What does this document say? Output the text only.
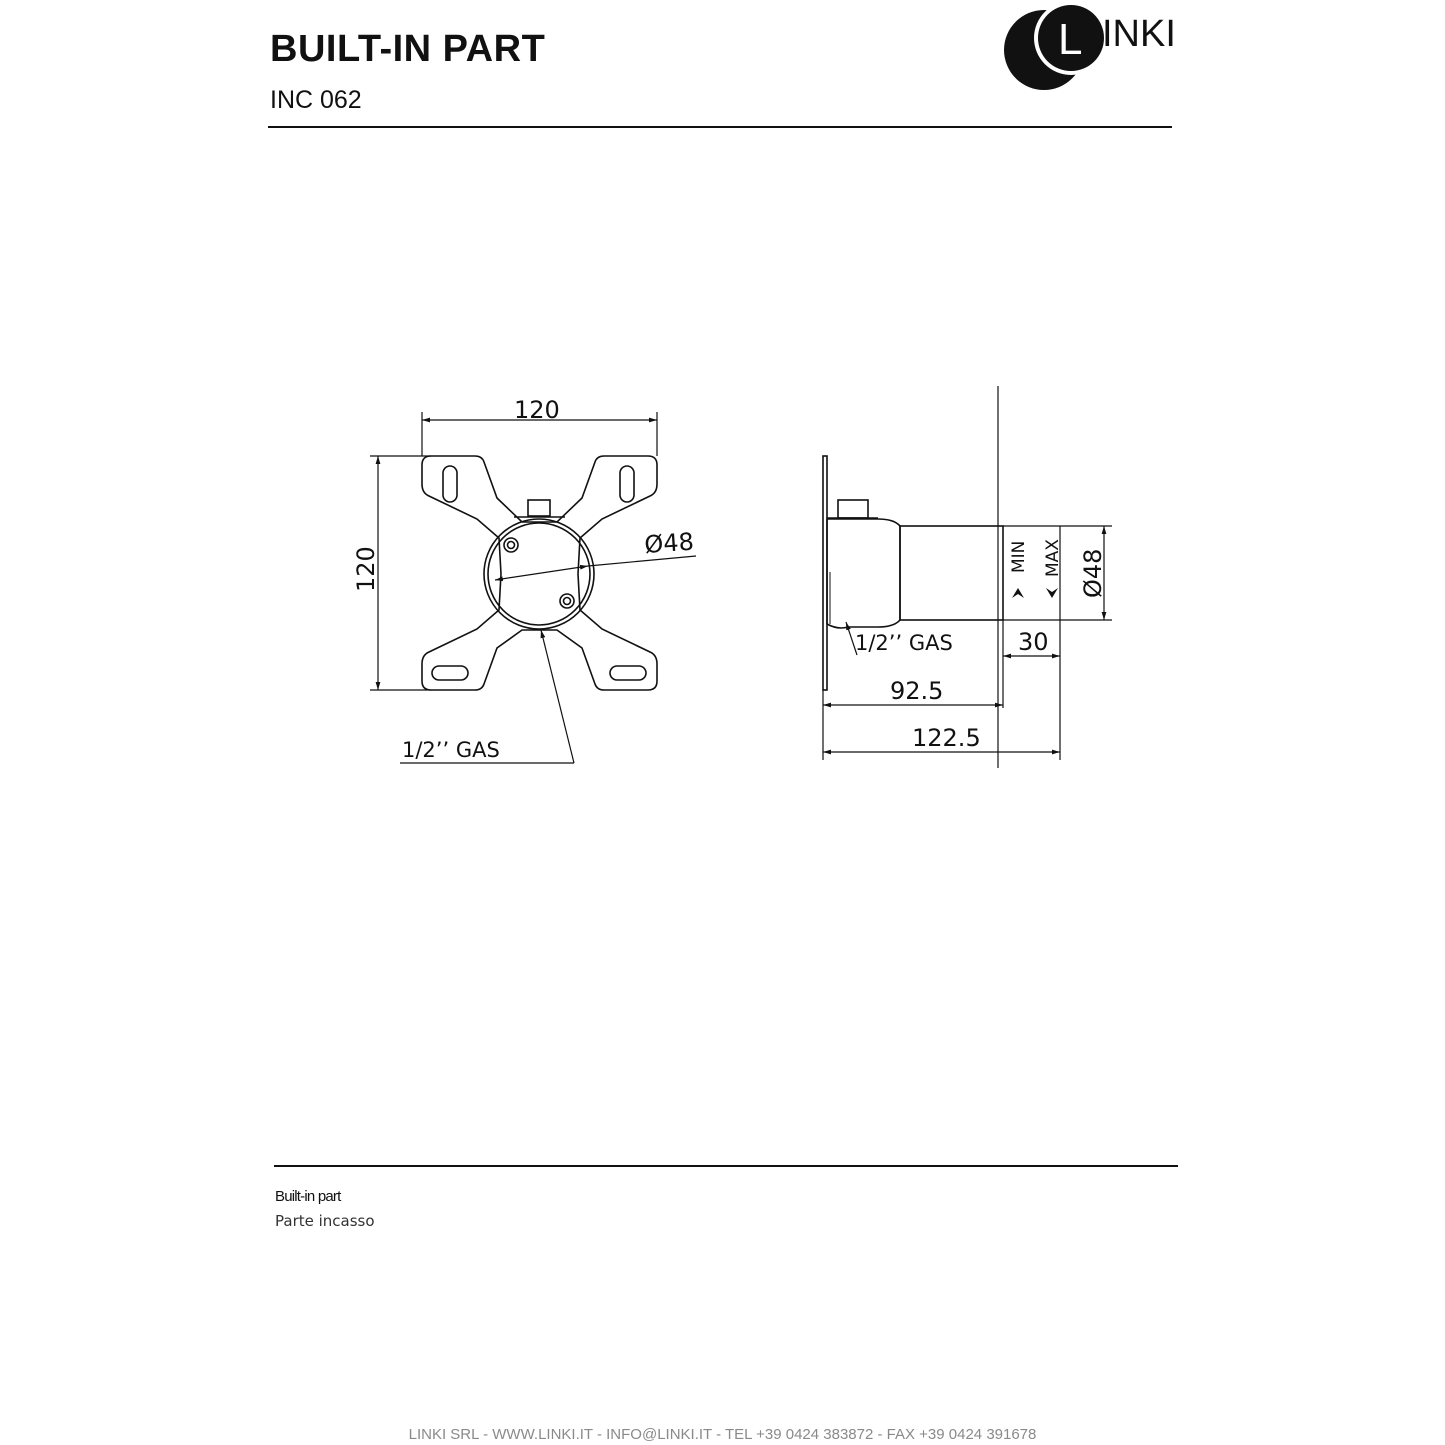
BUILT-IN PART
INC 062
L INKI
120
120
Ø48
1/2’’ GAS
MIN MAX Ø48
1/2’’ GAS	30
92.5
122.5
Built-in part
Parte incasso
LINKI SRL - WWW.LINKI.IT - INFO@LINKI.IT - TEL +39 0424 383872 - FAX +39 0424 391678
